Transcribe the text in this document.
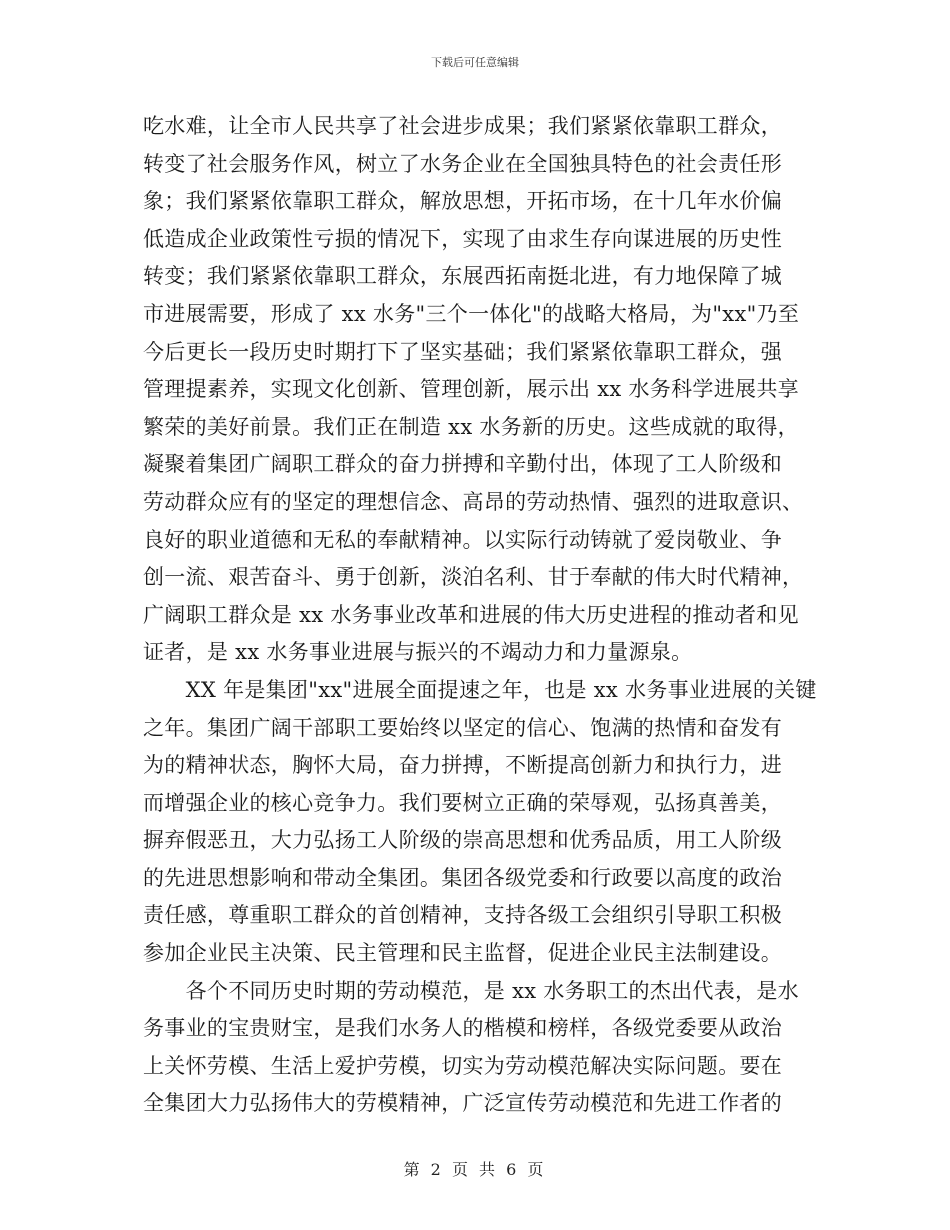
下载后可任意编辑
吃水难，让全市人民共享了社会进步成果；我们紧紧依靠职工群众，
转变了社会服务作风，树立了水务企业在全国独具特色的社会责任形
象；我们紧紧依靠职工群众，解放思想，开拓市场，在十几年水价偏
低造成企业政策性亏损的情况下，实现了由求生存向谋进展的历史性
转变；我们紧紧依靠职工群众，东展西拓南挺北进，有力地保障了城
市进展需要，形成了 xx 水务"三个一体化"的战略大格局，为"xx"乃至
今后更长一段历史时期打下了坚实基础；我们紧紧依靠职工群众，强
管理提素养，实现文化创新、管理创新，展示出 xx 水务科学进展共享
繁荣的美好前景。我们正在制造 xx 水务新的历史。这些成就的取得，
凝聚着集团广阔职工群众的奋力拼搏和辛勤付出，体现了工人阶级和
劳动群众应有的坚定的理想信念、高昂的劳动热情、强烈的进取意识、
良好的职业道德和无私的奉献精神。以实际行动铸就了爱岗敬业、争
创一流、艰苦奋斗、勇于创新，淡泊名利、甘于奉献的伟大时代精神，
广阔职工群众是 xx 水务事业改革和进展的伟大历史进程的推动者和见
证者，是 xx 水务事业进展与振兴的不竭动力和力量源泉。
　　XX 年是集团"xx"进展全面提速之年，也是 xx 水务事业进展的关键
之年。集团广阔干部职工要始终以坚定的信心、饱满的热情和奋发有
为的精神状态，胸怀大局，奋力拼搏，不断提高创新力和执行力，进
而增强企业的核心竞争力。我们要树立正确的荣辱观，弘扬真善美，
摒弃假恶丑，大力弘扬工人阶级的崇高思想和优秀品质，用工人阶级
的先进思想影响和带动全集团。集团各级党委和行政要以高度的政治
责任感，尊重职工群众的首创精神，支持各级工会组织引导职工积极
参加企业民主决策、民主管理和民主监督，促进企业民主法制建设。
　　各个不同历史时期的劳动模范，是 xx 水务职工的杰出代表，是水
务事业的宝贵财宝，是我们水务人的楷模和榜样，各级党委要从政治
上关怀劳模、生活上爱护劳模，切实为劳动模范解决实际问题。要在
全集团大力弘扬伟大的劳模精神，广泛宣传劳动模范和先进工作者的
第 2 页 共 6 页
